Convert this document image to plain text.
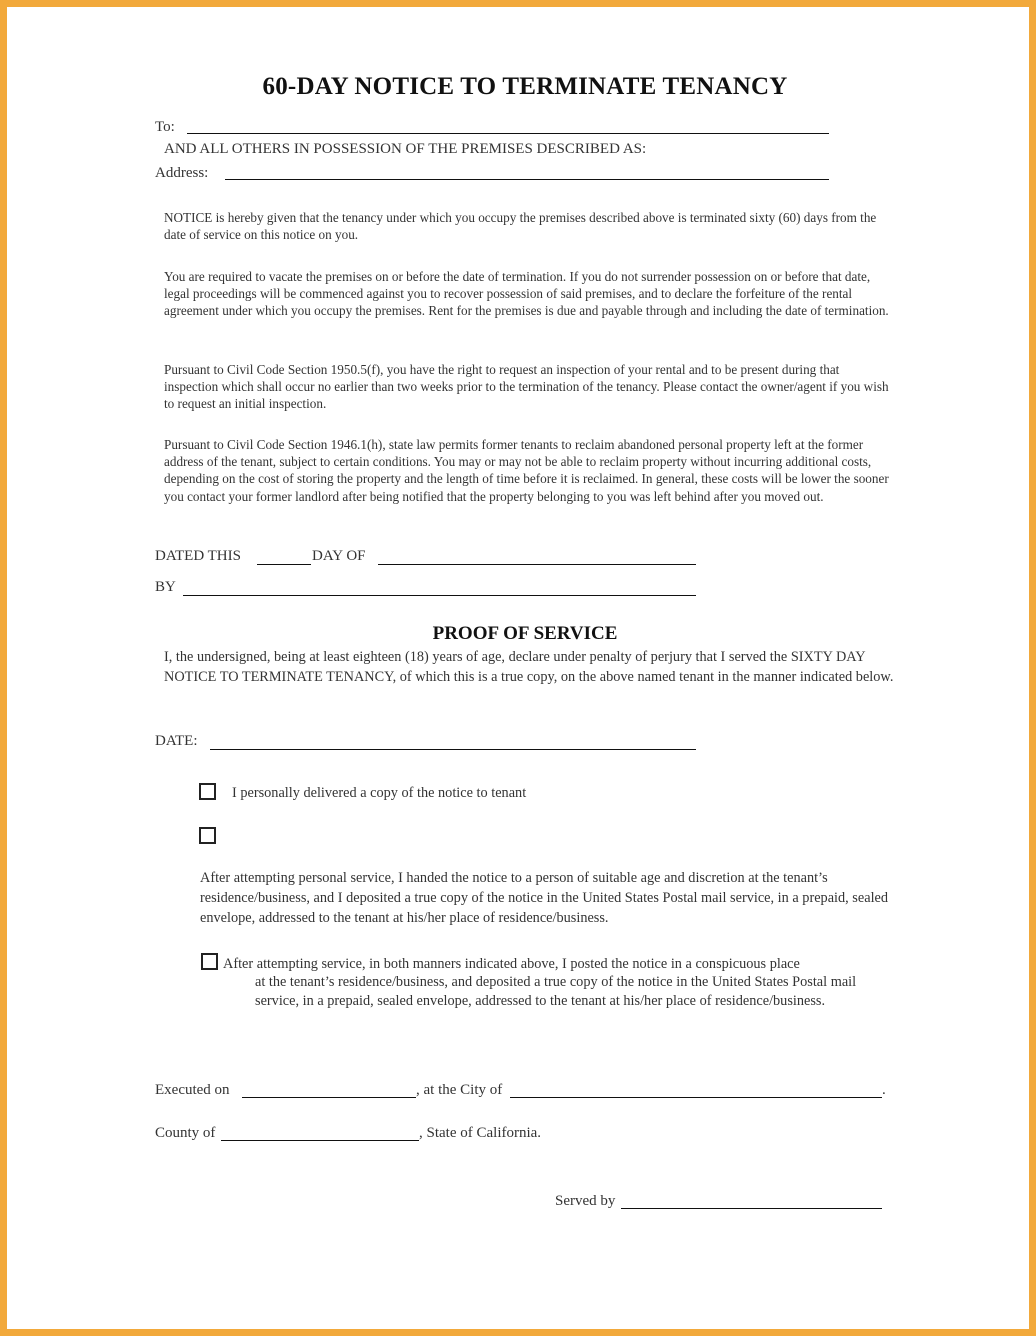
60-DAY NOTICE TO TERMINATE TENANCY
To:
AND ALL OTHERS IN POSSESSION OF THE PREMISES DESCRIBED AS:
Address:
NOTICE is hereby given that the tenancy under which you occupy the premises described above is terminated sixty (60) days from the date of service on this notice on you.
You are required to vacate the premises on or before the date of termination. If you do not surrender possession on or before that date, legal proceedings will be commenced against you to recover possession of said premises, and to declare the forfeiture of the rental agreement under which you occupy the premises. Rent for the premises is due and payable through and including the date of termination.
Pursuant to Civil Code Section 1950.5(f), you have the right to request an inspection of your rental and to be present during that inspection which shall occur no earlier than two weeks prior to the termination of the tenancy. Please contact the owner/agent if you wish to request an initial inspection.
Pursuant to Civil Code Section 1946.1(h), state law permits former tenants to reclaim abandoned personal property left at the former address of the tenant, subject to certain conditions. You may or may not be able to reclaim property without incurring additional costs, depending on the cost of storing the property and the length of time before it is reclaimed. In general, these costs will be lower the sooner you contact your former landlord after being notified that the property belonging to you was left behind after you moved out.
DATED THIS	DAY OF
BY
PROOF OF SERVICE
I, the undersigned, being at least eighteen (18) years of age, declare under penalty of perjury that I served the SIXTY DAY NOTICE TO TERMINATE TENANCY, of which this is a true copy, on the above named tenant in the manner indicated below.
DATE:
I personally delivered a copy of the notice to tenant
After attempting personal service, I handed the notice to a person of suitable age and discretion at the tenant’s residence/business, and I deposited a true copy of the notice in the United States Postal mail service, in a prepaid, sealed envelope, addressed to the tenant at his/her place of residence/business.
After attempting service, in both manners indicated above, I posted the notice in a conspicuous place
at the tenant’s residence/business, and deposited a true copy of the notice in the United States Postal mail service, in a prepaid, sealed envelope, addressed to the tenant at his/her place of residence/business.
Executed on	, at the City of	.
County of	, State of California.
Served by
